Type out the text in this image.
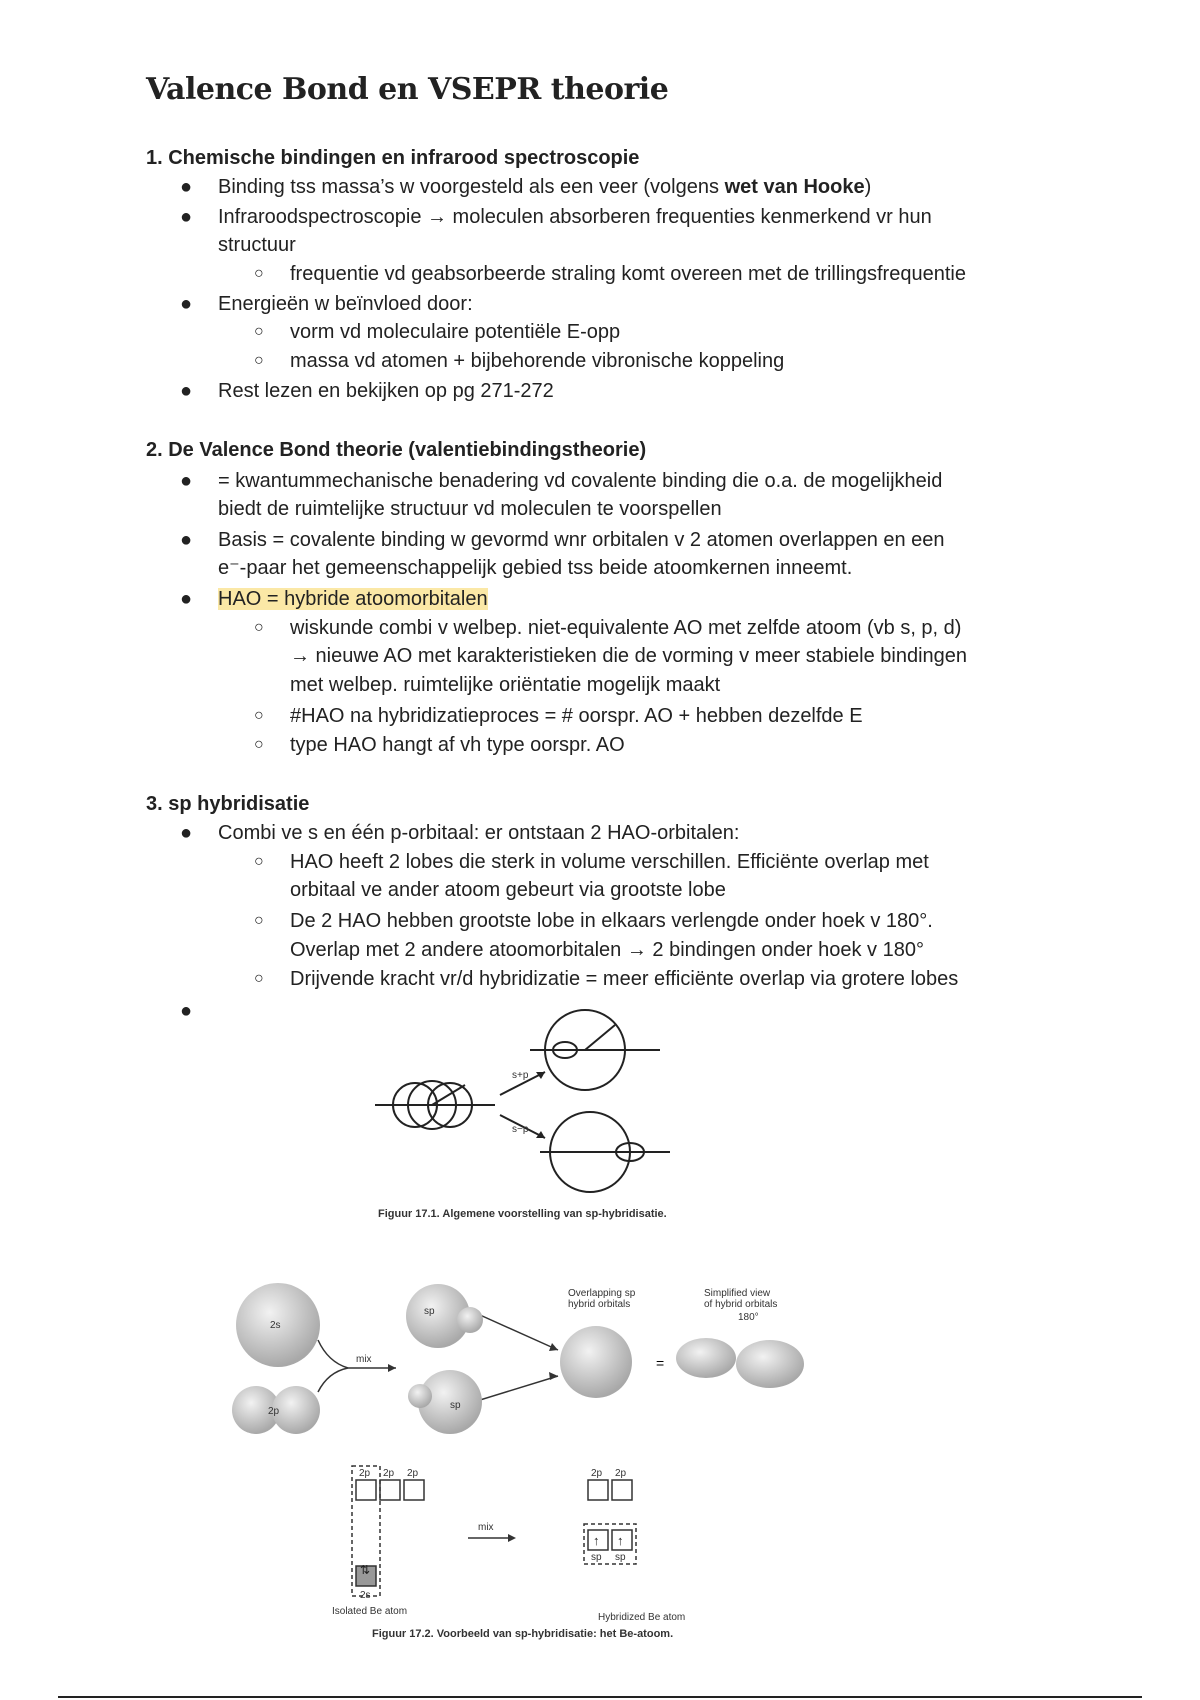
Valence Bond en VSEPR theorie
1. Chemische bindingen en infrarood spectroscopie
● Binding tss massa’s w voorgesteld als een veer (volgens wet van Hooke)
● Infraroodspectroscopie → moleculen absorberen frequenties kenmerkend vr hun
structuur
○ frequentie vd geabsorbeerde straling komt overeen met de trillingsfrequentie
● Energieën w beïnvloed door:
○ vorm vd moleculaire potentiële E-opp
○ massa vd atomen + bijbehorende vibronische koppeling
● Rest lezen en bekijken op pg 271-272
2. De Valence Bond theorie (valentiebindingstheorie)
● = kwantummechanische benadering vd covalente binding die o.a. de mogelijkheid
biedt de ruimtelijke structuur vd moleculen te voorspellen
● Basis = covalente binding w gevormd wnr orbitalen v 2 atomen overlappen en een
e⁻-paar het gemeenschappelijk gebied tss beide atoomkernen inneemt.
● HAO = hybride atoomorbitalen
○ wiskunde combi v welbep. niet-equivalente AO met zelfde atoom (vb s, p, d)
→ nieuwe AO met karakteristieken die de vorming v meer stabiele bindingen
met welbep. ruimtelijke oriëntatie mogelijk maakt
○ #HAO na hybridizatieproces = # oorspr. AO + hebben dezelfde E
○ type HAO hangt af vh type oorspr. AO
3. sp hybridisatie
● Combi ve s en één p-orbitaal: er ontstaan 2 HAO-orbitalen:
○ HAO heeft 2 lobes die sterk in volume verschillen. Efficiënte overlap met
orbitaal ve ander atoom gebeurt via grootste lobe
○ De 2 HAO hebben grootste lobe in elkaars verlengde onder hoek v 180°.
Overlap met 2 andere atoomorbitalen → 2 bindingen onder hoek v 180°
○ Drijvende kracht vr/d hybridizatie = meer efficiënte overlap via grotere lobes
●
s+p
s−p
Figuur 17.1. Algemene voorstelling van sp-hybridisatie.
2s
2p
mix
sp
sp
Overlapping sp
hybrid orbitals
=
Simplified view
of hybrid orbitals
180°
⇅
↑ ↑
2p 2p 2p
2s
Isolated Be atom
mix
2p 2p
sp sp
Hybridized Be atom
Figuur 17.2. Voorbeeld van sp-hybridisatie: het Be-atoom.
